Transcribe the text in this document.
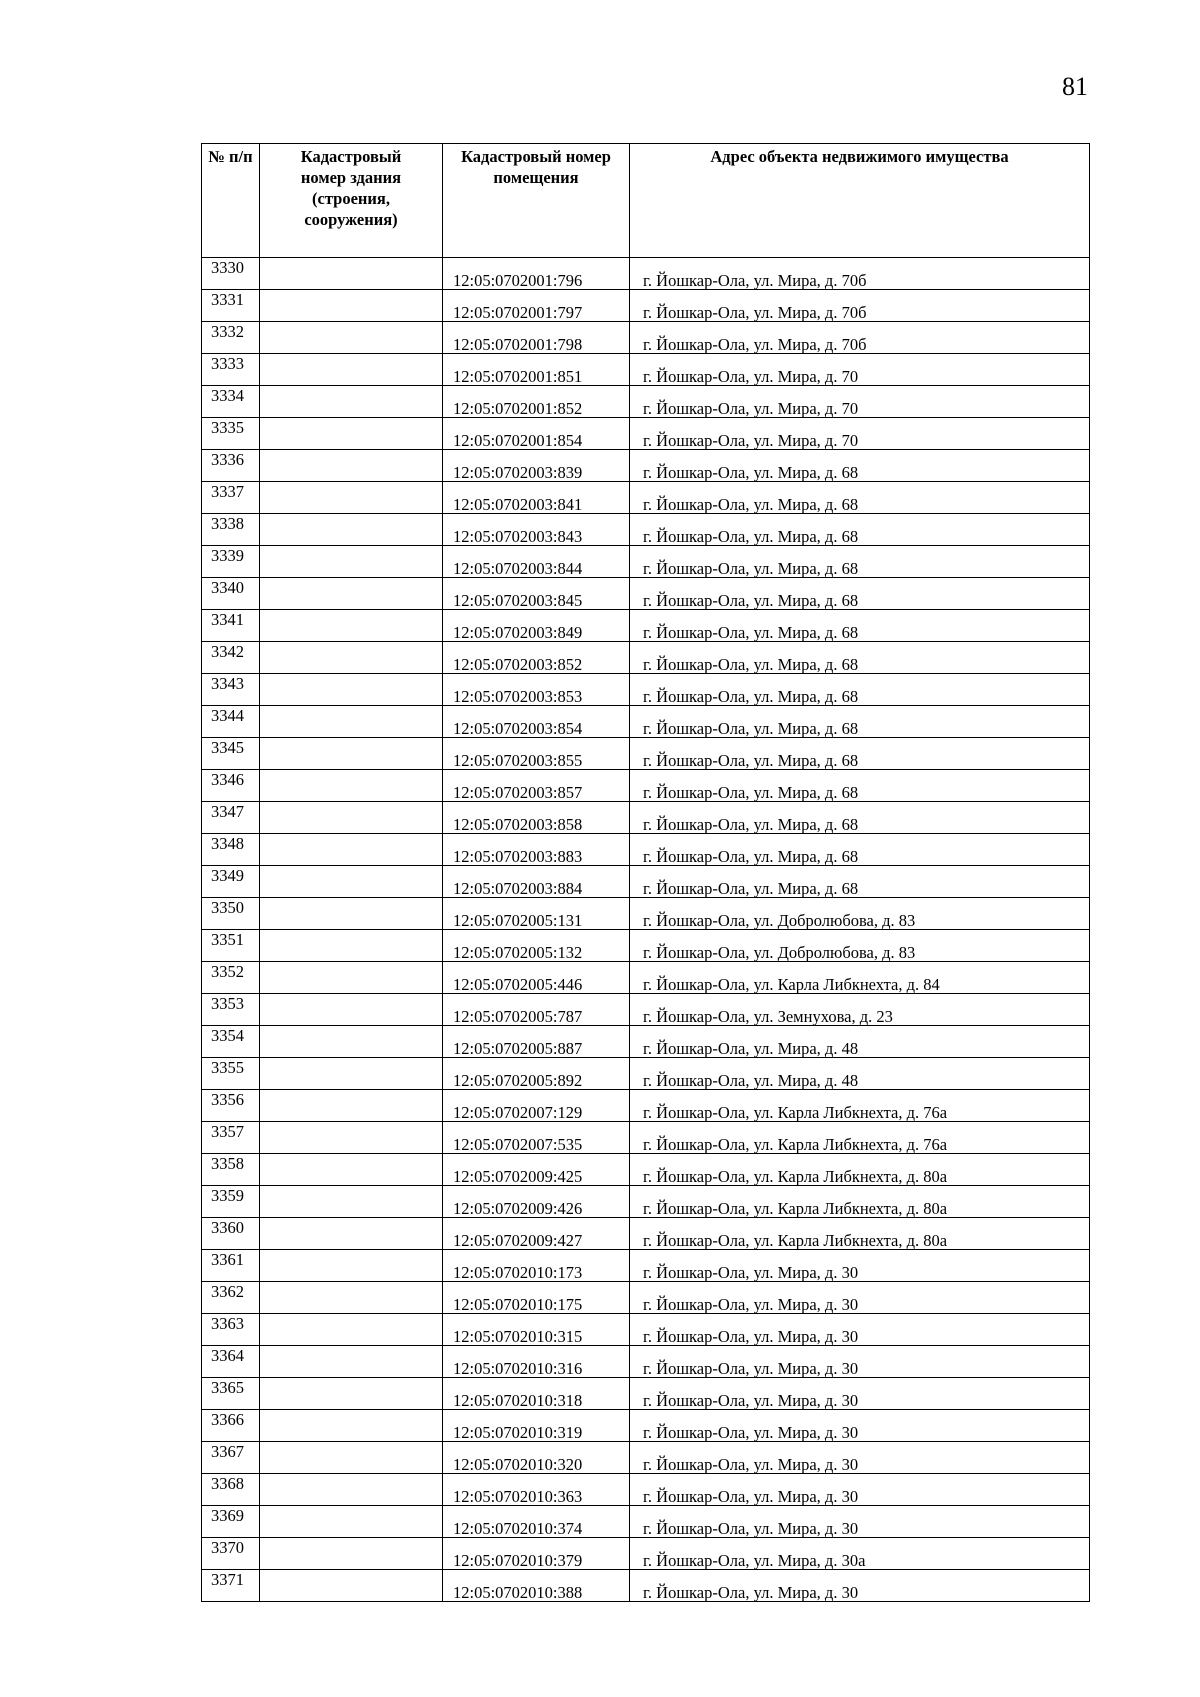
81
№ п/п	Кадастровый номер здания (строения, сооружения)	Кадастровый номер помещения	Адрес объекта недвижимого имущества
3330		12:05:0702001:796	г. Йошкар-Ола, ул. Мира, д. 70б
3331		12:05:0702001:797	г. Йошкар-Ола, ул. Мира, д. 70б
3332		12:05:0702001:798	г. Йошкар-Ола, ул. Мира, д. 70б
3333		12:05:0702001:851	г. Йошкар-Ола, ул. Мира, д. 70
3334		12:05:0702001:852	г. Йошкар-Ола, ул. Мира, д. 70
3335		12:05:0702001:854	г. Йошкар-Ола, ул. Мира, д. 70
3336		12:05:0702003:839	г. Йошкар-Ола, ул. Мира, д. 68
3337		12:05:0702003:841	г. Йошкар-Ола, ул. Мира, д. 68
3338		12:05:0702003:843	г. Йошкар-Ола, ул. Мира, д. 68
3339		12:05:0702003:844	г. Йошкар-Ола, ул. Мира, д. 68
3340		12:05:0702003:845	г. Йошкар-Ола, ул. Мира, д. 68
3341		12:05:0702003:849	г. Йошкар-Ола, ул. Мира, д. 68
3342		12:05:0702003:852	г. Йошкар-Ола, ул. Мира, д. 68
3343		12:05:0702003:853	г. Йошкар-Ола, ул. Мира, д. 68
3344		12:05:0702003:854	г. Йошкар-Ола, ул. Мира, д. 68
3345		12:05:0702003:855	г. Йошкар-Ола, ул. Мира, д. 68
3346		12:05:0702003:857	г. Йошкар-Ола, ул. Мира, д. 68
3347		12:05:0702003:858	г. Йошкар-Ола, ул. Мира, д. 68
3348		12:05:0702003:883	г. Йошкар-Ола, ул. Мира, д. 68
3349		12:05:0702003:884	г. Йошкар-Ола, ул. Мира, д. 68
3350		12:05:0702005:131	г. Йошкар-Ола, ул. Добролюбова, д. 83
3351		12:05:0702005:132	г. Йошкар-Ола, ул. Добролюбова, д. 83
3352		12:05:0702005:446	г. Йошкар-Ола, ул. Карла Либкнехта, д. 84
3353		12:05:0702005:787	г. Йошкар-Ола, ул. Земнухова, д. 23
3354		12:05:0702005:887	г. Йошкар-Ола, ул. Мира, д. 48
3355		12:05:0702005:892	г. Йошкар-Ола, ул. Мира, д. 48
3356		12:05:0702007:129	г. Йошкар-Ола, ул. Карла Либкнехта, д. 76а
3357		12:05:0702007:535	г. Йошкар-Ола, ул. Карла Либкнехта, д. 76а
3358		12:05:0702009:425	г. Йошкар-Ола, ул. Карла Либкнехта, д. 80а
3359		12:05:0702009:426	г. Йошкар-Ола, ул. Карла Либкнехта, д. 80а
3360		12:05:0702009:427	г. Йошкар-Ола, ул. Карла Либкнехта, д. 80а
3361		12:05:0702010:173	г. Йошкар-Ола, ул. Мира, д. 30
3362		12:05:0702010:175	г. Йошкар-Ола, ул. Мира, д. 30
3363		12:05:0702010:315	г. Йошкар-Ола, ул. Мира, д. 30
3364		12:05:0702010:316	г. Йошкар-Ола, ул. Мира, д. 30
3365		12:05:0702010:318	г. Йошкар-Ола, ул. Мира, д. 30
3366		12:05:0702010:319	г. Йошкар-Ола, ул. Мира, д. 30
3367		12:05:0702010:320	г. Йошкар-Ола, ул. Мира, д. 30
3368		12:05:0702010:363	г. Йошкар-Ола, ул. Мира, д. 30
3369		12:05:0702010:374	г. Йошкар-Ола, ул. Мира, д. 30
3370		12:05:0702010:379	г. Йошкар-Ола, ул. Мира, д. 30а
3371		12:05:0702010:388	г. Йошкар-Ола, ул. Мира, д. 30
